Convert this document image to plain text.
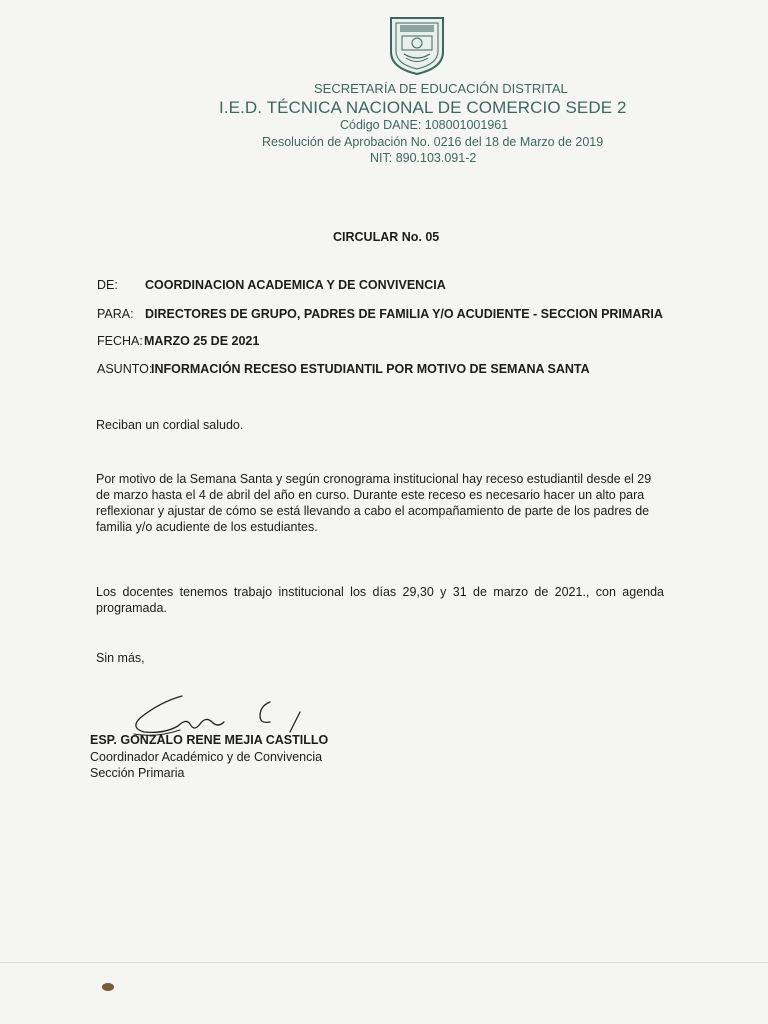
SECRETARÍA DE EDUCACIÓN DISTRITAL
I.E.D. TÉCNICA NACIONAL DE COMERCIO SEDE 2
Código DANE: 108001001961
Resolución de Aprobación No. 0216 del 18 de Marzo de 2019
NIT: 890.103.091-2
CIRCULAR No. 05
DE: COORDINACION ACADEMICA Y DE CONVIVENCIA
PARA: DIRECTORES DE GRUPO, PADRES DE FAMILIA Y/O ACUDIENTE - SECCION PRIMARIA
FECHA:MARZO 25 DE 2021
ASUNTO:INFORMACIÓN RECESO ESTUDIANTIL POR MOTIVO DE SEMANA SANTA
Reciban un cordial saludo.
Por motivo de la Semana Santa y según cronograma institucional hay receso estudiantil desde el 29 de marzo hasta el 4 de abril del año en curso. Durante este receso es necesario hacer un alto para reflexionar y ajustar de cómo se está llevando a cabo el acompañamiento de parte de los padres de familia y/o acudiente de los estudiantes.
Los docentes tenemos trabajo institucional los días 29,30 y 31 de marzo de 2021., con agenda programada.
Sin más,
ESP. GONZALO RENE MEJIA CASTILLO
Coordinador Académico y de Convivencia
Sección Primaria
